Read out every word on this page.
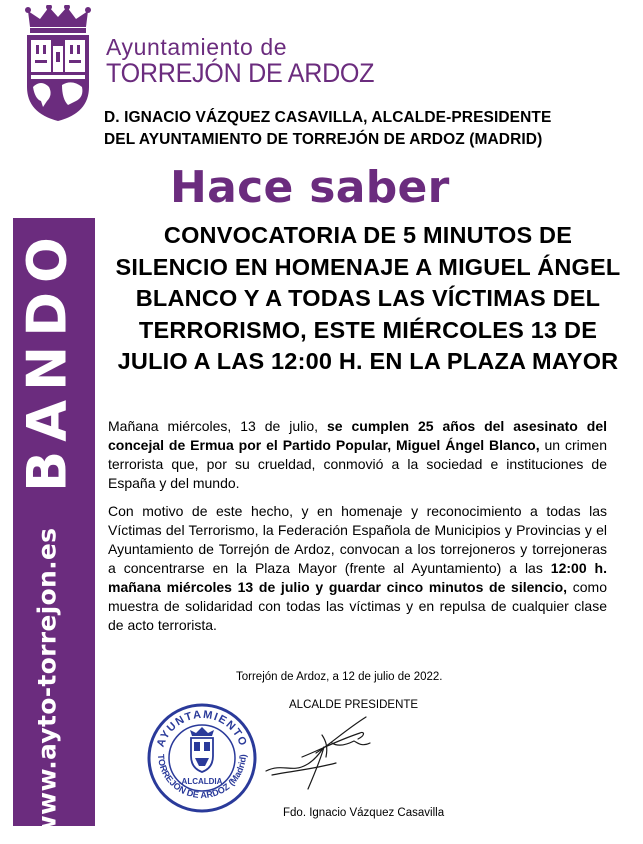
BANDO
www.ayto-torrejon.es
Ayuntamiento de
TORREJÓN DE ARDOZ
D. IGNACIO VÁZQUEZ CASAVILLA, ALCALDE-PRESIDENTE
DEL AYUNTAMIENTO DE TORREJÓN DE ARDOZ (MADRID)
Hace saber
CONVOCATORIA DE 5 MINUTOS DE SILENCIO EN HOMENAJE A MIGUEL ÁNGEL BLANCO Y A TODAS LAS VÍCTIMAS DEL TERRORISMO, ESTE MIÉRCOLES 13 DE JULIO A LAS 12:00 H. EN LA PLAZA MAYOR

Mañana miércoles, 13 de julio, se cumplen 25 años del asesinato del concejal de Ermua por el Partido Popular, Miguel Ángel Blanco, un crimen terrorista que, por su crueldad, conmovió a la sociedad e instituciones de España y del mundo.

Con motivo de este hecho, y en homenaje y reconocimiento a todas las Víctimas del Terrorismo, la Federación Española de Municipios y Provincias y el Ayuntamiento de Torrejón de Ardoz, convocan a los torrejoneros y torrejoneras a concentrarse en la Plaza Mayor (frente al Ayuntamiento) a las 12:00 h. mañana miércoles 13 de julio y guardar cinco minutos de silencio, como muestra de solidaridad con todas las víctimas y en repulsa de cualquier clase de acto terrorista.

Torrejón de Ardoz, a 12 de julio de 2022.
ALCALDE PRESIDENTE
AYUNTAMIENTO
TORREJÓN DE ARDOZ (Madrid)
ALCALDIA
Fdo. Ignacio Vázquez Casavilla
